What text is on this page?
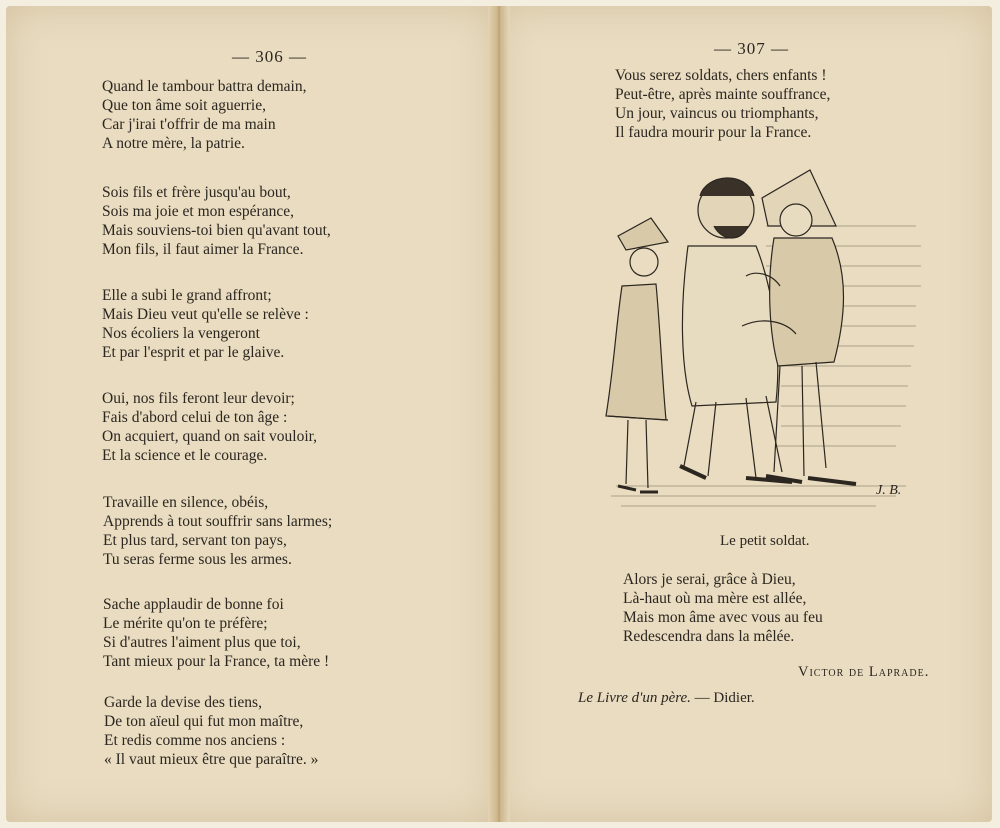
— 306 —
Quand le tambour battra demain,
Que ton âme soit aguerrie,
Car j'irai t'offrir de ma main
A notre mère, la patrie.
Sois fils et frère jusqu'au bout,
Sois ma joie et mon espérance,
Mais souviens-toi bien qu'avant tout,
Mon fils, il faut aimer la France.
Elle a subi le grand affront;
Mais Dieu veut qu'elle se relève :
Nos écoliers la vengeront
Et par l'esprit et par le glaive.
Oui, nos fils feront leur devoir;
Fais d'abord celui de ton âge :
On acquiert, quand on sait vouloir,
Et la science et le courage.
Travaille en silence, obéis,
Apprends à tout souffrir sans larmes;
Et plus tard, servant ton pays,
Tu seras ferme sous les armes.
Sache applaudir de bonne foi
Le mérite qu'on te préfère;
Si d'autres l'aiment plus que toi,
Tant mieux pour la France, ta mère !
Garde la devise des tiens,
De ton aïeul qui fut mon maître,
Et redis comme nos anciens :
« Il vaut mieux être que paraître. »
— 307 —
Vous serez soldats, chers enfants !
Peut-être, après mainte souffrance,
Un jour, vaincus ou triomphants,
Il faudra mourir pour la France.
J. B.
Le petit soldat.
Alors je serai, grâce à Dieu,
Là-haut où ma mère est allée,
Mais mon âme avec vous au feu
Redescendra dans la mêlée.
Victor de Laprade.
Le Livre d'un père. — Didier.
